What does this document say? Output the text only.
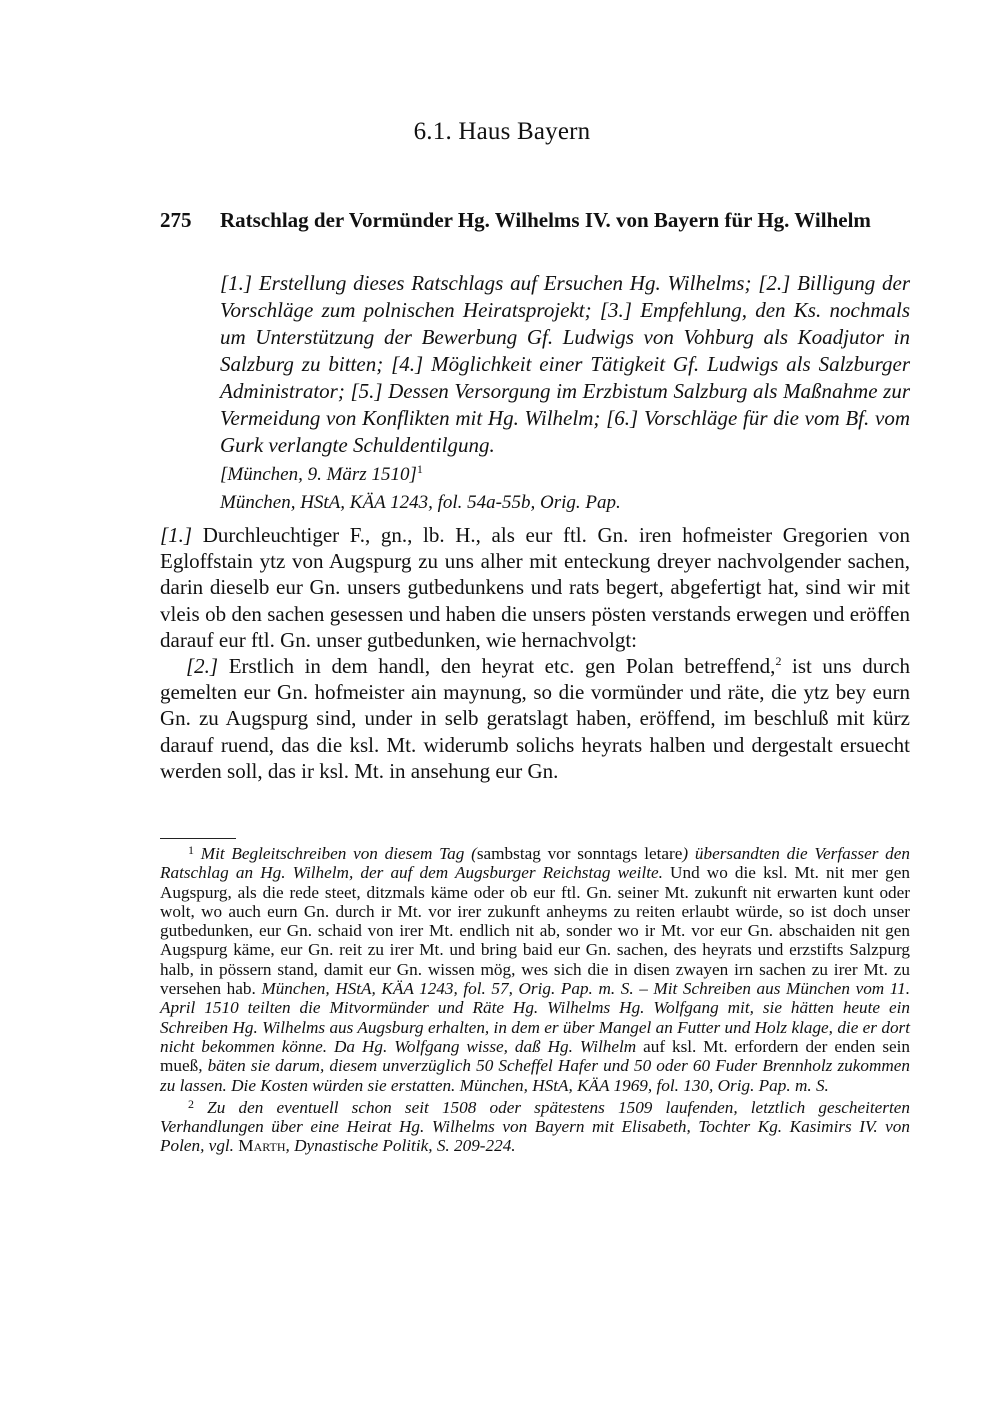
6.1. Haus Bayern
275 Ratschlag der Vormünder Hg. Wilhelms IV. von Bayern für Hg. Wilhelm
[1.] Erstellung dieses Ratschlags auf Ersuchen Hg. Wilhelms; [2.] Billigung der Vorschläge zum polnischen Heiratsprojekt; [3.] Empfehlung, den Ks. nochmals um Unterstützung der Bewerbung Gf. Ludwigs von Vohburg als Koadjutor in Salzburg zu bitten; [4.] Möglichkeit einer Tätigkeit Gf. Ludwigs als Salzburger Administrator; [5.] Dessen Versorgung im Erzbistum Salzburg als Maßnahme zur Vermeidung von Konflikten mit Hg. Wilhelm; [6.] Vorschläge für die vom Bf. vom Gurk verlangte Schuldentilgung.
[München, 9. März 1510]$^1$
München, HStA, KÄA 1243, fol. 54a-55b, Orig. Pap.

[1.] Durchleuchtiger F., gn., lb. H., als eur ftl. Gn. iren hofmeister Gregorien von Egloffstain ytz von Augspurg zu uns alher mit enteckung dreyer nachvolgender sachen, darin dieselb eur Gn. unsers gutbedunkens und rats begert, abgefertigt hat, sind wir mit vleis ob den sachen gesessen und haben die unsers pösten verstands erwegen und eröffen darauf eur ftl. Gn. unser gutbedunken, wie hernachvolgt:

[2.] Erstlich in dem handl, den heyrat etc. gen Polan betreffend,$^2$ ist uns durch gemelten eur Gn. hofmeister ain maynung, so die vormünder und räte, die ytz bey eurn Gn. zu Augspurg sind, under in selb geratslagt haben, eröffend, im beschluß mit kürz darauf ruend, das die ksl. Mt. widerumb solichs heyrats halben und dergestalt ersuecht werden soll, das ir ksl. Mt. in ansehung eur Gn.

$^1$ Mit Begleitschreiben von diesem Tag (sambstag vor sonntags letare) übersandten die Verfasser den Ratschlag an Hg. Wilhelm, der auf dem Augsburger Reichstag weilte. Und wo die ksl. Mt. nit mer gen Augspurg, als die rede steet, ditzmals käme oder ob eur ftl. Gn. seiner Mt. zukunft nit erwarten kunt oder wolt, wo auch eurn Gn. durch ir Mt. vor irer zukunft anheyms zu reiten erlaubt würde, so ist doch unser gutbedunken, eur Gn. schaid von irer Mt. endlich nit ab, sonder wo ir Mt. vor eur Gn. abschaiden nit gen Augspurg käme, eur Gn. reit zu irer Mt. und bring baid eur Gn. sachen, des heyrats und erzstifts Salzpurg halb, in pössern stand, damit eur Gn. wissen mög, wes sich die in disen zwayen irn sachen zu irer Mt. zu versehen hab. München, HStA, KÄA 1243, fol. 57, Orig. Pap. m. S. – Mit Schreiben aus München vom 11. April 1510 teilten die Mitvormünder und Räte Hg. Wilhelms Hg. Wolfgang mit, sie hätten heute ein Schreiben Hg. Wilhelms aus Augsburg erhalten, in dem er über Mangel an Futter und Holz klage, die er dort nicht bekommen könne. Da Hg. Wolfgang wisse, daß Hg. Wilhelm auf ksl. Mt. erfordern der enden sein mueß, bäten sie darum, diesem unverzüglich 50 Scheffel Hafer und 50 oder 60 Fuder Brennholz zukommen zu lassen. Die Kosten würden sie erstatten. München, HStA, KÄA 1969, fol. 130, Orig. Pap. m. S.

$^2$ Zu den eventuell schon seit 1508 oder spätestens 1509 laufenden, letztlich gescheiterten Verhandlungen über eine Heirat Hg. Wilhelms von Bayern mit Elisabeth, Tochter Kg. Kasimirs IV. von Polen, vgl. Marth, Dynastische Politik, S. 209-224.
